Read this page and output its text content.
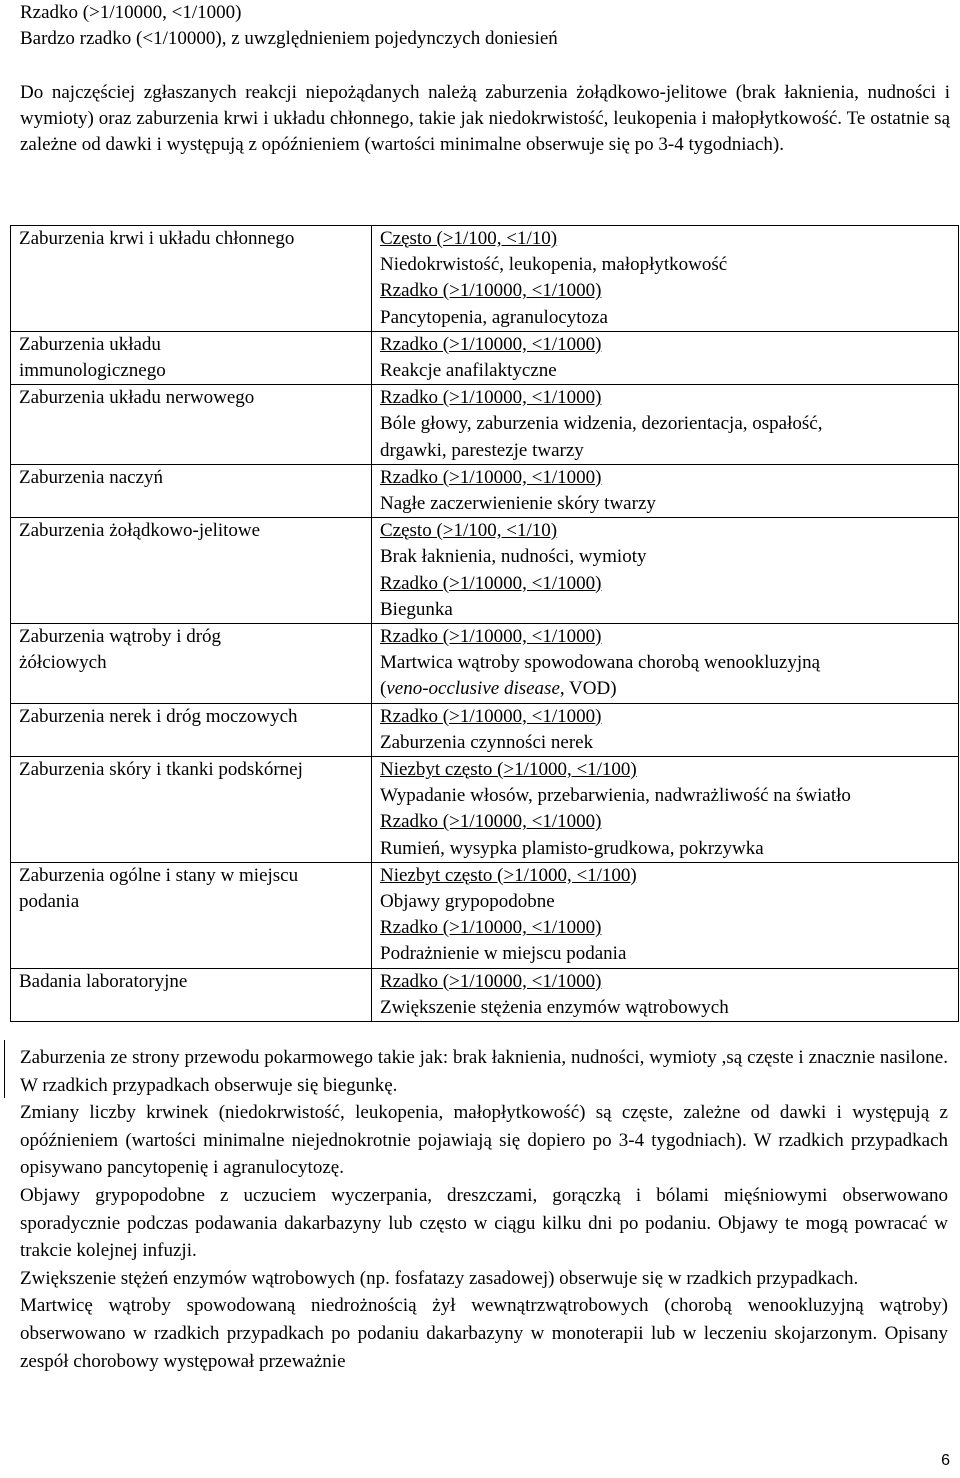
Rzadko (>1/10000, <1/1000)

Bardzo rzadko (<1/10000), z uwzględnieniem pojedynczych doniesień

Do najczęściej zgłaszanych reakcji niepożądanych należą zaburzenia żołądkowo-jelitowe (brak łaknienia, nudności i wymioty) oraz zaburzenia krwi i układu chłonnego, takie jak niedokrwistość, leukopenia i małopłytkowość. Te ostatnie są zależne od dawki i występują z opóźnieniem (wartości minimalne obserwuje się po 3-4 tygodniach).

Zaburzenia krwi i układu chłonnego	Często (>1/100, <1/10)
Niedokrwistość, leukopenia, małopłytkowość
Rzadko (>1/10000, <1/1000)
Pancytopenia, agranulocytoza

Zaburzenia układu
immunologicznego	Rzadko (>1/10000, <1/1000)
Reakcje anafilaktyczne

Zaburzenia układu nerwowego	Rzadko (>1/10000, <1/1000)
Bóle głowy, zaburzenia widzenia, dezorientacja, ospałość,
drgawki, parestezje twarzy

Zaburzenia naczyń	Rzadko (>1/10000, <1/1000)
Nagłe zaczerwienienie skóry twarzy

Zaburzenia żołądkowo-jelitowe	Często (>1/100, <1/10)
Brak łaknienia, nudności, wymioty
Rzadko (>1/10000, <1/1000)
Biegunka

Zaburzenia wątroby i dróg
żółciowych	Rzadko (>1/10000, <1/1000)
Martwica wątroby spowodowana chorobą wenookluzyjną
(veno-occlusive disease, VOD)

Zaburzenia nerek i dróg moczowych	Rzadko (>1/10000, <1/1000)
Zaburzenia czynności nerek

Zaburzenia skóry i tkanki podskórnej	Niezbyt często (>1/1000, <1/100)
Wypadanie włosów, przebarwienia, nadwrażliwość na światło
Rzadko (>1/10000, <1/1000)
Rumień, wysypka plamisto-grudkowa, pokrzywka

Zaburzenia ogólne i stany w miejscu
podania	Niezbyt często (>1/1000, <1/100)
Objawy grypopodobne
Rzadko (>1/10000, <1/1000)
Podrażnienie w miejscu podania

Badania laboratoryjne	Rzadko (>1/10000, <1/1000)
Zwiększenie stężenia enzymów wątrobowych

Zaburzenia ze strony przewodu pokarmowego takie jak: brak łaknienia, nudności, wymioty ,są częste i znacznie nasilone. W rzadkich przypadkach obserwuje się biegunkę.

Zmiany liczby krwinek (niedokrwistość, leukopenia, małopłytkowość) są częste, zależne od dawki i występują z opóźnieniem (wartości minimalne niejednokrotnie pojawiają się dopiero po 3-4 tygodniach). W rzadkich przypadkach opisywano pancytopenię i agranulocytozę.

Objawy grypopodobne z uczuciem wyczerpania, dreszczami, gorączką i bólami mięśniowymi obserwowano sporadycznie podczas podawania dakarbazyny lub często w ciągu kilku dni po podaniu. Objawy te mogą powracać w trakcie kolejnej infuzji.

Zwiększenie stężeń enzymów wątrobowych (np. fosfatazy zasadowej) obserwuje się w rzadkich przypadkach.

Martwicę wątroby spowodowaną niedrożnością żył wewnątrzwątrobowych (chorobą wenookluzyjną wątroby) obserwowano w rzadkich przypadkach po podaniu dakarbazyny w monoterapii lub w leczeniu skojarzonym. Opisany zespół chorobowy występował przeważnie

6
